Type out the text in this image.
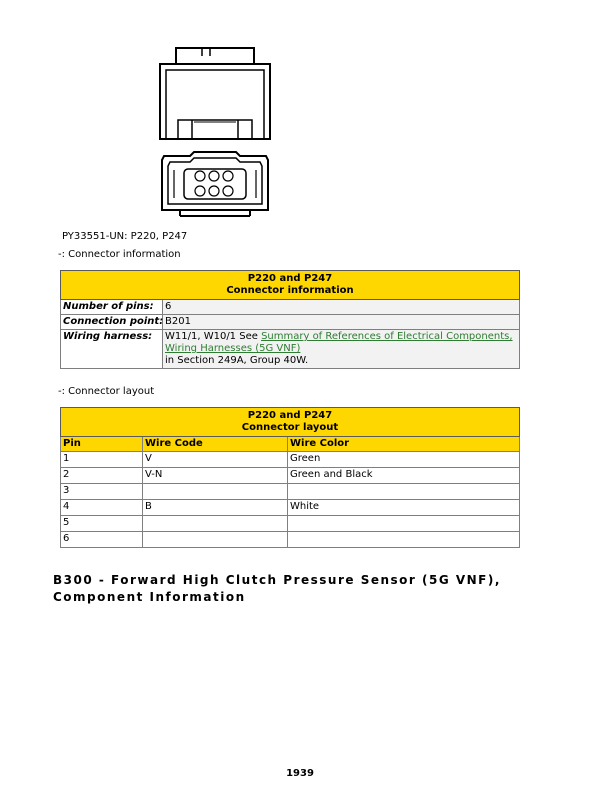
PY33551-UN: P220, P247
-: Connector information
P220 and P247
Connector information	

Number of pins:	6
Connection point:	B201
Wiring harness:	W11/1, W10/1 See Summary of References of Electrical Components,
Wiring Harnesses (5G VNF)
in Section 249A, Group 40W.
-: Connector layout
P220 and P247
Connector layout		

Pin	Wire Code	Wire Color
1	V	Green
2	V-N	Green and Black
3		
4	B	White
5		
6		
B300 - Forward High Clutch Pressure Sensor (5G VNF), Component Information
1939
